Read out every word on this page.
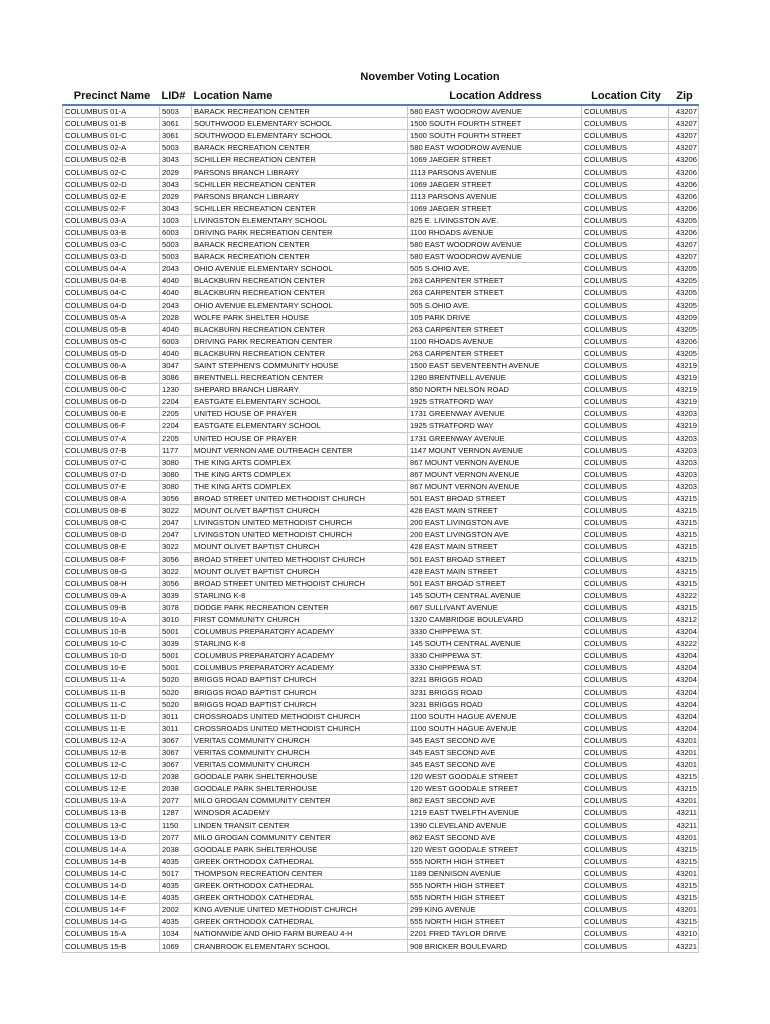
November Voting Location
Precinct Name	LID#	Location Name	Location Address	Location City	Zip
COLUMBUS 01-A	5003	BARACK RECREATION CENTER	580 EAST WOODROW AVENUE	COLUMBUS	43207
COLUMBUS 01-B	3061	SOUTHWOOD ELEMENTARY SCHOOL	1500 SOUTH FOURTH STREET	COLUMBUS	43207
COLUMBUS 01-C	3061	SOUTHWOOD ELEMENTARY SCHOOL	1500 SOUTH FOURTH STREET	COLUMBUS	43207
COLUMBUS 02-A	5003	BARACK RECREATION CENTER	580 EAST WOODROW AVENUE	COLUMBUS	43207
COLUMBUS 02-B	3043	SCHILLER RECREATION CENTER	1069 JAEGER STREET	COLUMBUS	43206
COLUMBUS 02-C	2029	PARSONS BRANCH LIBRARY	1113 PARSONS AVENUE	COLUMBUS	43206
COLUMBUS 02-D	3043	SCHILLER RECREATION CENTER	1069 JAEGER STREET	COLUMBUS	43206
COLUMBUS 02-E	2029	PARSONS BRANCH LIBRARY	1113 PARSONS AVENUE	COLUMBUS	43206
COLUMBUS 02-F	3043	SCHILLER RECREATION CENTER	1069 JAEGER STREET	COLUMBUS	43206
COLUMBUS 03-A	1003	LIVINGSTON ELEMENTARY SCHOOL	825 E. LIVINGSTON AVE.	COLUMBUS	43205
COLUMBUS 03-B	6003	DRIVING PARK RECREATION CENTER	1100 RHOADS AVENUE	COLUMBUS	43206
COLUMBUS 03-C	5003	BARACK RECREATION CENTER	580 EAST WOODROW AVENUE	COLUMBUS	43207
COLUMBUS 03-D	5003	BARACK RECREATION CENTER	580 EAST WOODROW AVENUE	COLUMBUS	43207
COLUMBUS 04-A	2043	OHIO AVENUE ELEMENTARY SCHOOL	505 S.OHIO AVE.	COLUMBUS	43205
COLUMBUS 04-B	4040	BLACKBURN RECREATION CENTER	263 CARPENTER STREET	COLUMBUS	43205
COLUMBUS 04-C	4040	BLACKBURN RECREATION CENTER	263 CARPENTER STREET	COLUMBUS	43205
COLUMBUS 04-D	2043	OHIO AVENUE ELEMENTARY SCHOOL	505 S.OHIO AVE.	COLUMBUS	43205
COLUMBUS 05-A	2028	WOLFE PARK SHELTER HOUSE	105 PARK DRIVE	COLUMBUS	43209
COLUMBUS 05-B	4040	BLACKBURN RECREATION CENTER	263 CARPENTER STREET	COLUMBUS	43205
COLUMBUS 05-C	6003	DRIVING PARK RECREATION CENTER	1100 RHOADS AVENUE	COLUMBUS	43206
COLUMBUS 05-D	4040	BLACKBURN RECREATION CENTER	263 CARPENTER STREET	COLUMBUS	43205
COLUMBUS 06-A	3047	SAINT STEPHEN'S COMMUNITY HOUSE	1500 EAST SEVENTEENTH AVENUE	COLUMBUS	43219
COLUMBUS 06-B	3086	BRENTNELL RECREATION CENTER	1280 BRENTNELL AVENUE	COLUMBUS	43219
COLUMBUS 06-C	1230	SHEPARD BRANCH LIBRARY	850 NORTH NELSON ROAD	COLUMBUS	43219
COLUMBUS 06-D	2204	EASTGATE ELEMENTARY SCHOOL	1925 STRATFORD WAY	COLUMBUS	43219
COLUMBUS 06-E	2205	UNITED HOUSE OF PRAYER	1731 GREENWAY AVENUE	COLUMBUS	43203
COLUMBUS 06-F	2204	EASTGATE ELEMENTARY SCHOOL	1925 STRATFORD WAY	COLUMBUS	43219
COLUMBUS 07-A	2205	UNITED HOUSE OF PRAYER	1731 GREENWAY AVENUE	COLUMBUS	43203
COLUMBUS 07-B	1177	MOUNT VERNON AME OUTREACH CENTER	1147 MOUNT VERNON AVENUE	COLUMBUS	43203
COLUMBUS 07-C	3080	THE KING ARTS COMPLEX	867 MOUNT VERNON AVENUE	COLUMBUS	43203
COLUMBUS 07-D	3080	THE KING ARTS COMPLEX	867 MOUNT VERNON AVENUE	COLUMBUS	43203
COLUMBUS 07-E	3080	THE KING ARTS COMPLEX	867 MOUNT VERNON AVENUE	COLUMBUS	43203
COLUMBUS 08-A	3056	BROAD STREET UNITED METHODIST CHURCH	501 EAST BROAD STREET	COLUMBUS	43215
COLUMBUS 08-B	3022	MOUNT OLIVET BAPTIST CHURCH	428 EAST MAIN STREET	COLUMBUS	43215
COLUMBUS 08-C	2047	LIVINGSTON UNITED METHODIST CHURCH	200 EAST LIVINGSTON AVE	COLUMBUS	43215
COLUMBUS 08-D	2047	LIVINGSTON UNITED METHODIST CHURCH	200 EAST LIVINGSTON AVE	COLUMBUS	43215
COLUMBUS 08-E	3022	MOUNT OLIVET BAPTIST CHURCH	428 EAST MAIN STREET	COLUMBUS	43215
COLUMBUS 08-F	3056	BROAD STREET UNITED METHODIST CHURCH	501 EAST BROAD STREET	COLUMBUS	43215
COLUMBUS 08-G	3022	MOUNT OLIVET BAPTIST CHURCH	428 EAST MAIN STREET	COLUMBUS	43215
COLUMBUS 08-H	3056	BROAD STREET UNITED METHODIST CHURCH	501 EAST BROAD STREET	COLUMBUS	43215
COLUMBUS 09-A	3039	STARLING K-8	145 SOUTH CENTRAL AVENUE	COLUMBUS	43222
COLUMBUS 09-B	3078	DODGE PARK RECREATION CENTER	667 SULLIVANT AVENUE	COLUMBUS	43215
COLUMBUS 10-A	3010	FIRST COMMUNITY CHURCH	1320 CAMBRIDGE BOULEVARD	COLUMBUS	43212
COLUMBUS 10-B	5001	COLUMBUS PREPARATORY ACADEMY	3330 CHIPPEWA ST.	COLUMBUS	43204
COLUMBUS 10-C	3039	STARLING K-8	145 SOUTH CENTRAL AVENUE	COLUMBUS	43222
COLUMBUS 10-D	5001	COLUMBUS PREPARATORY ACADEMY	3330 CHIPPEWA ST.	COLUMBUS	43204
COLUMBUS 10-E	5001	COLUMBUS PREPARATORY ACADEMY	3330 CHIPPEWA ST.	COLUMBUS	43204
COLUMBUS 11-A	5020	BRIGGS ROAD BAPTIST CHURCH	3231 BRIGGS ROAD	COLUMBUS	43204
COLUMBUS 11-B	5020	BRIGGS ROAD BAPTIST CHURCH	3231 BRIGGS ROAD	COLUMBUS	43204
COLUMBUS 11-C	5020	BRIGGS ROAD BAPTIST CHURCH	3231 BRIGGS ROAD	COLUMBUS	43204
COLUMBUS 11-D	3011	CROSSROADS UNITED METHODIST CHURCH	1100 SOUTH HAGUE AVENUE	COLUMBUS	43204
COLUMBUS 11-E	3011	CROSSROADS UNITED METHODIST CHURCH	1100 SOUTH HAGUE AVENUE	COLUMBUS	43204
COLUMBUS 12-A	3067	VERITAS COMMUNITY CHURCH	345 EAST SECOND AVE	COLUMBUS	43201
COLUMBUS 12-B	3067	VERITAS COMMUNITY CHURCH	345 EAST SECOND AVE	COLUMBUS	43201
COLUMBUS 12-C	3067	VERITAS COMMUNITY CHURCH	345 EAST SECOND AVE	COLUMBUS	43201
COLUMBUS 12-D	2038	GOODALE PARK SHELTERHOUSE	120 WEST GOODALE STREET	COLUMBUS	43215
COLUMBUS 12-E	2038	GOODALE PARK SHELTERHOUSE	120 WEST GOODALE STREET	COLUMBUS	43215
COLUMBUS 13-A	2077	MILO GROGAN COMMUNITY CENTER	862 EAST SECOND AVE	COLUMBUS	43201
COLUMBUS 13-B	1287	WINDSOR ACADEMY	1219 EAST TWELFTH AVENUE	COLUMBUS	43211
COLUMBUS 13-C	1150	LINDEN TRANSIT CENTER	1390 CLEVELAND AVENUE	COLUMBUS	43211
COLUMBUS 13-D	2077	MILO GROGAN COMMUNITY CENTER	862 EAST SECOND AVE	COLUMBUS	43201
COLUMBUS 14-A	2038	GOODALE PARK SHELTERHOUSE	120 WEST GOODALE STREET	COLUMBUS	43215
COLUMBUS 14-B	4035	GREEK ORTHODOX CATHEDRAL	555 NORTH HIGH STREET	COLUMBUS	43215
COLUMBUS 14-C	5017	THOMPSON RECREATION CENTER	1189 DENNISON AVENUE	COLUMBUS	43201
COLUMBUS 14-D	4035	GREEK ORTHODOX CATHEDRAL	555 NORTH HIGH STREET	COLUMBUS	43215
COLUMBUS 14-E	4035	GREEK ORTHODOX CATHEDRAL	555 NORTH HIGH STREET	COLUMBUS	43215
COLUMBUS 14-F	2002	KING AVENUE UNITED METHODIST CHURCH	299 KING AVENUE	COLUMBUS	43201
COLUMBUS 14-G	4035	GREEK ORTHODOX CATHEDRAL	555 NORTH HIGH STREET	COLUMBUS	43215
COLUMBUS 15-A	1034	NATIONWIDE AND OHIO FARM BUREAU 4-H	2201 FRED TAYLOR DRIVE	COLUMBUS	43210
COLUMBUS 15-B	1069	CRANBROOK ELEMENTARY SCHOOL	908 BRICKER BOULEVARD	COLUMBUS	43221
